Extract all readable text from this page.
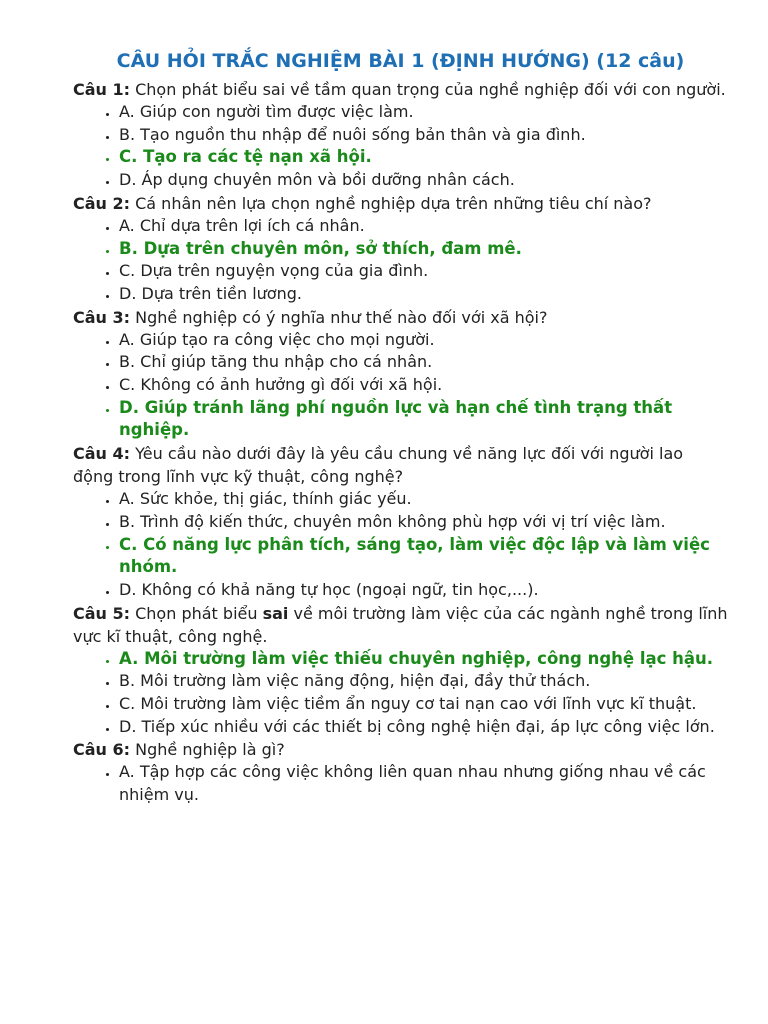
CÂU HỎI TRẮC NGHIỆM BÀI 1 (ĐỊNH HƯỚNG) (12 câu)

Câu 1: Chọn phát biểu sai về tầm quan trọng của nghề nghiệp đối với con người.

• A. Giúp con người tìm được việc làm.
• B. Tạo nguồn thu nhập để nuôi sống bản thân và gia đình.
• C. Tạo ra các tệ nạn xã hội.
• D. Áp dụng chuyên môn và bồi dưỡng nhân cách.

Câu 2: Cá nhân nên lựa chọn nghề nghiệp dựa trên những tiêu chí nào?

• A. Chỉ dựa trên lợi ích cá nhân.
• B. Dựa trên chuyên môn, sở thích, đam mê.
• C. Dựa trên nguyện vọng của gia đình.
• D. Dựa trên tiền lương.

Câu 3: Nghề nghiệp có ý nghĩa như thế nào đối với xã hội?

• A. Giúp tạo ra công việc cho mọi người.
• B. Chỉ giúp tăng thu nhập cho cá nhân.
• C. Không có ảnh hưởng gì đối với xã hội.
• D. Giúp tránh lãng phí nguồn lực và hạn chế tình trạng thất nghiệp.

Câu 4: Yêu cầu nào dưới đây là yêu cầu chung về năng lực đối với người lao động trong lĩnh vực kỹ thuật, công nghệ?

• A. Sức khỏe, thị giác, thính giác yếu.
• B. Trình độ kiến thức, chuyên môn không phù hợp với vị trí việc làm.
• C. Có năng lực phân tích, sáng tạo, làm việc độc lập và làm việc nhóm.
• D. Không có khả năng tự học (ngoại ngữ, tin học,...).

Câu 5: Chọn phát biểu sai về môi trường làm việc của các ngành nghề trong lĩnh vực kĩ thuật, công nghệ.

• A. Môi trường làm việc thiếu chuyên nghiệp, công nghệ lạc hậu.
• B. Môi trường làm việc năng động, hiện đại, đầy thử thách.
• C. Môi trường làm việc tiềm ẩn nguy cơ tai nạn cao với lĩnh vực kĩ thuật.
• D. Tiếp xúc nhiều với các thiết bị công nghệ hiện đại, áp lực công việc lớn.

Câu 6: Nghề nghiệp là gì?

• A. Tập hợp các công việc không liên quan nhau nhưng giống nhau về các nhiệm vụ.
